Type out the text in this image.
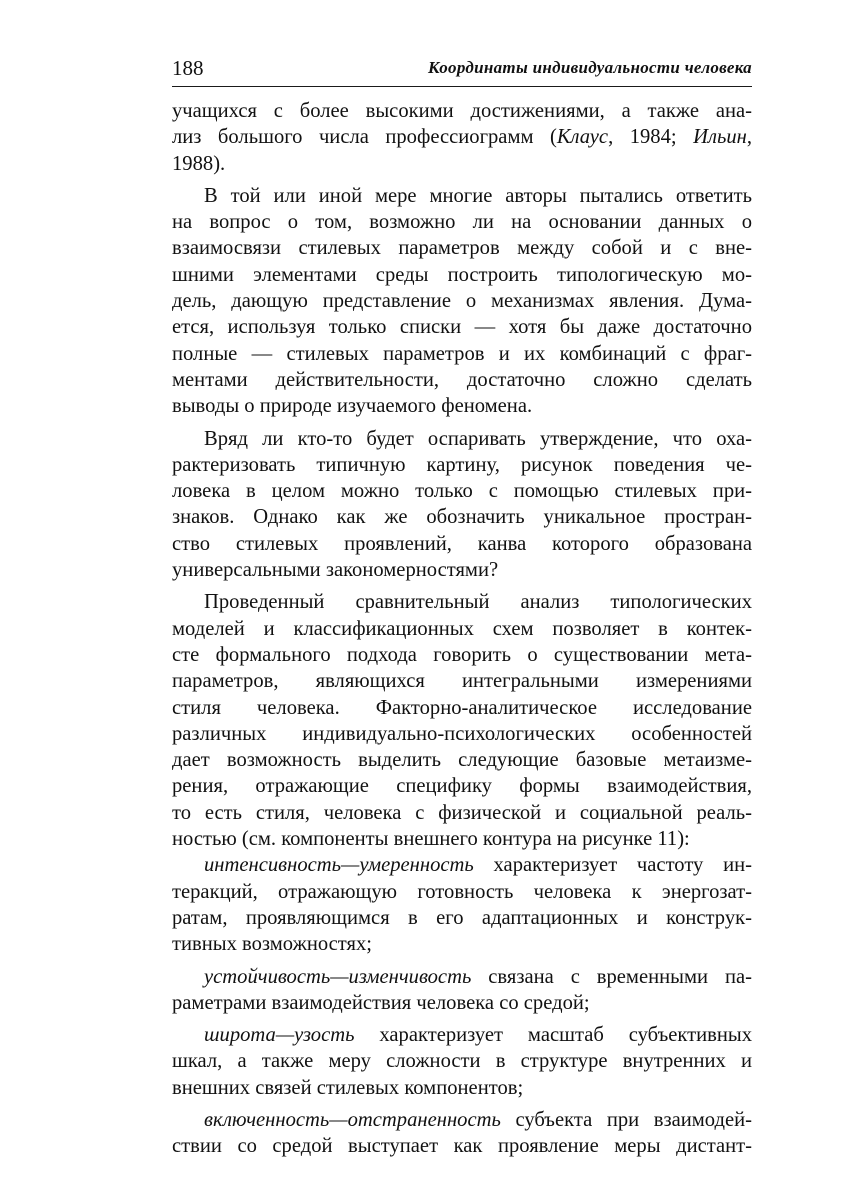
188	Координаты индивидуальности человека

учащихся с более высокими достижениями, а также ана-
лиз большого числа профессиограмм (Клаус, 1984; Ильин,
1988).

В той или иной мере многие авторы пытались ответить
на вопрос о том, возможно ли на основании данных о
взаимосвязи стилевых параметров между собой и с вне-
шними элементами среды построить типологическую мо-
дель, дающую представление о механизмах явления. Дума-
ется, используя только списки — хотя бы даже достаточно
полные — стилевых параметров и их комбинаций с фраг-
ментами действительности, достаточно сложно сделать
выводы о природе изучаемого феномена.

Вряд ли кто-то будет оспаривать утверждение, что оха-
рактеризовать типичную картину, рисунок поведения че-
ловека в целом можно только с помощью стилевых при-
знаков. Однако как же обозначить уникальное простран-
ство стилевых проявлений, канва которого образована
универсальными закономерностями?

Проведенный сравнительный анализ типологических
моделей и классификационных схем позволяет в контек-
сте формального подхода говорить о существовании мета-
параметров, являющихся интегральными измерениями
стиля человека. Факторно-аналитическое исследование
различных индивидуально-психологических особенностей
дает возможность выделить следующие базовые метаизме-
рения, отражающие специфику формы взаимодействия,
то есть стиля, человека с физической и социальной реаль-
ностью (см. компоненты внешнего контура на рисунке 11):

интенсивность—умеренность характеризует частоту ин-
теракций, отражающую готовность человека к энергозат-
ратам, проявляющимся в его адаптационных и конструк-
тивных возможностях;

устойчивость—изменчивость связана с временными па-
раметрами взаимодействия человека со средой;

широта—узость характеризует масштаб субъективных
шкал, а также меру сложности в структуре внутренних и
внешних связей стилевых компонентов;

включенность—отстраненность субъекта при взаимодей-
ствии со средой выступает как проявление меры дистант-
